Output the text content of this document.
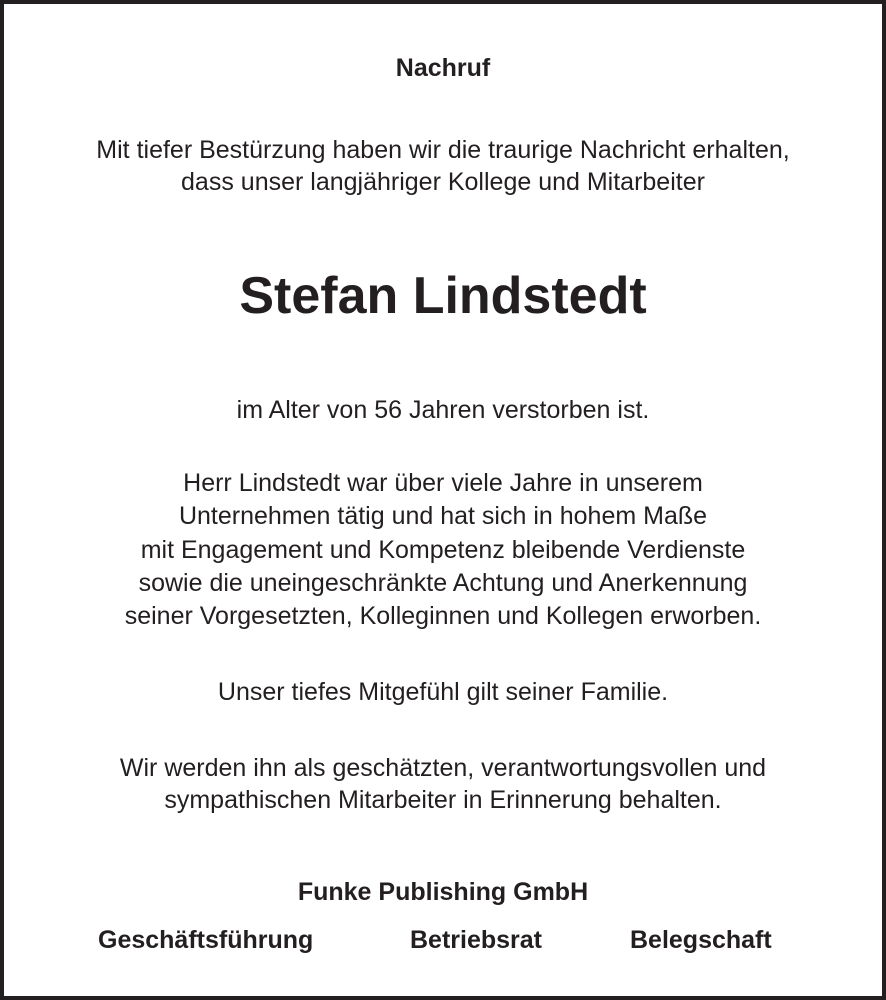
Nachruf
Mit tiefer Bestürzung haben wir die traurige Nachricht erhalten,
dass unser langjähriger Kollege und Mitarbeiter
Stefan Lindstedt
im Alter von 56 Jahren verstorben ist.
Herr Lindstedt war über viele Jahre in unserem
Unternehmen tätig und hat sich in hohem Maße
mit Engagement und Kompetenz bleibende Verdienste
sowie die uneingeschränkte Achtung und Anerkennung
seiner Vorgesetzten, Kolleginnen und Kollegen erworben.
Unser tiefes Mitgefühl gilt seiner Familie.
Wir werden ihn als geschätzten, verantwortungsvollen und
sympathischen Mitarbeiter in Erinnerung behalten.
Funke Publishing GmbH
Geschäftsführung	Betriebsrat	Belegschaft
